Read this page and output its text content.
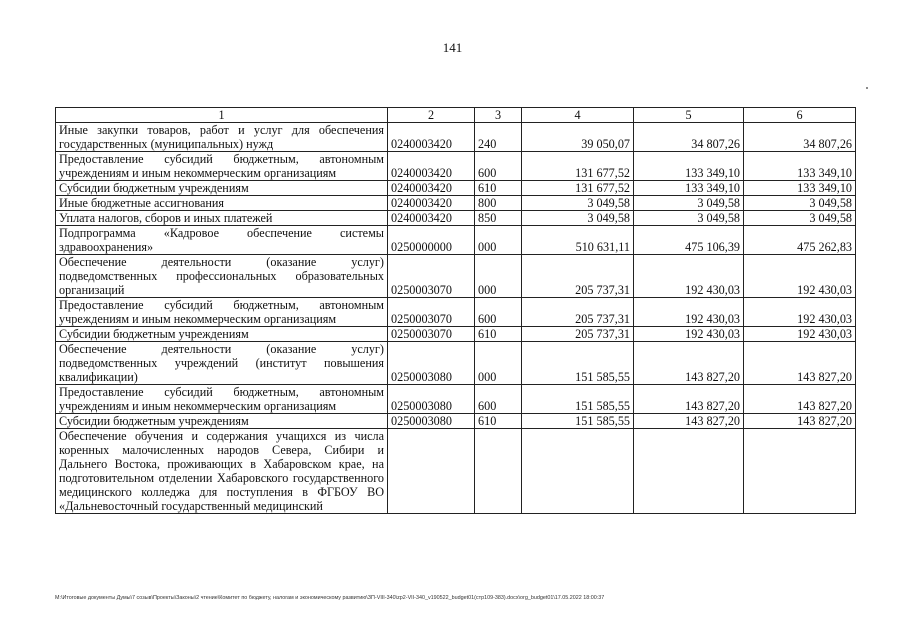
141
1	2	3	4	5	6
Иные закупки товаров, работ и услуг для обеспечения государственных (муниципальных) нужд	0240003420	240	39 050,07	34 807,26	34 807,26
Предоставление субсидий бюджетным, автономным учреждениям и иным некоммерческим организациям	0240003420	600	131 677,52	133 349,10	133 349,10
Субсидии бюджетным учреждениям	0240003420	610	131 677,52	133 349,10	133 349,10
Иные бюджетные ассигнования	0240003420	800	3 049,58	3 049,58	3 049,58
Уплата налогов, сборов и иных платежей	0240003420	850	3 049,58	3 049,58	3 049,58
Подпрограмма «Кадровое обеспечение системы здравоохранения»	0250000000	000	510 631,11	475 106,39	475 262,83
Обеспечение деятельности (оказание услуг) подведомственных профессиональных образовательных организаций	0250003070	000	205 737,31	192 430,03	192 430,03
Предоставление субсидий бюджетным, автономным учреждениям и иным некоммерческим организациям	0250003070	600	205 737,31	192 430,03	192 430,03
Субсидии бюджетным учреждениям	0250003070	610	205 737,31	192 430,03	192 430,03
Обеспечение деятельности (оказание услуг) подведомственных учреждений (институт повышения квалификации)	0250003080	000	151 585,55	143 827,20	143 827,20
Предоставление субсидий бюджетным, автономным учреждениям и иным некоммерческим организациям	0250003080	600	151 585,55	143 827,20	143 827,20
Субсидии бюджетным учреждениям	0250003080	610	151 585,55	143 827,20	143 827,20
Обеспечение обучения и содержания учащихся из числа коренных малочисленных народов Севера, Сибири и Дальнего Востока, проживающих в Хабаровском крае, на подготовительном отделении Хабаровского государственного медицинского колледжа для поступления в ФГБОУ ВО «Дальневосточный государственный медицинский					
M:\Итоговые документы Думы\7 созыв\Проекты\Законы\2 чтение\Комитет по бюджету, налогам и экономическому развитию\ЗП-VIII-340\zp2-VII-340_v190522_budget01(стр109-383).docx\org_budget01\17.05.2022 18:00:37
